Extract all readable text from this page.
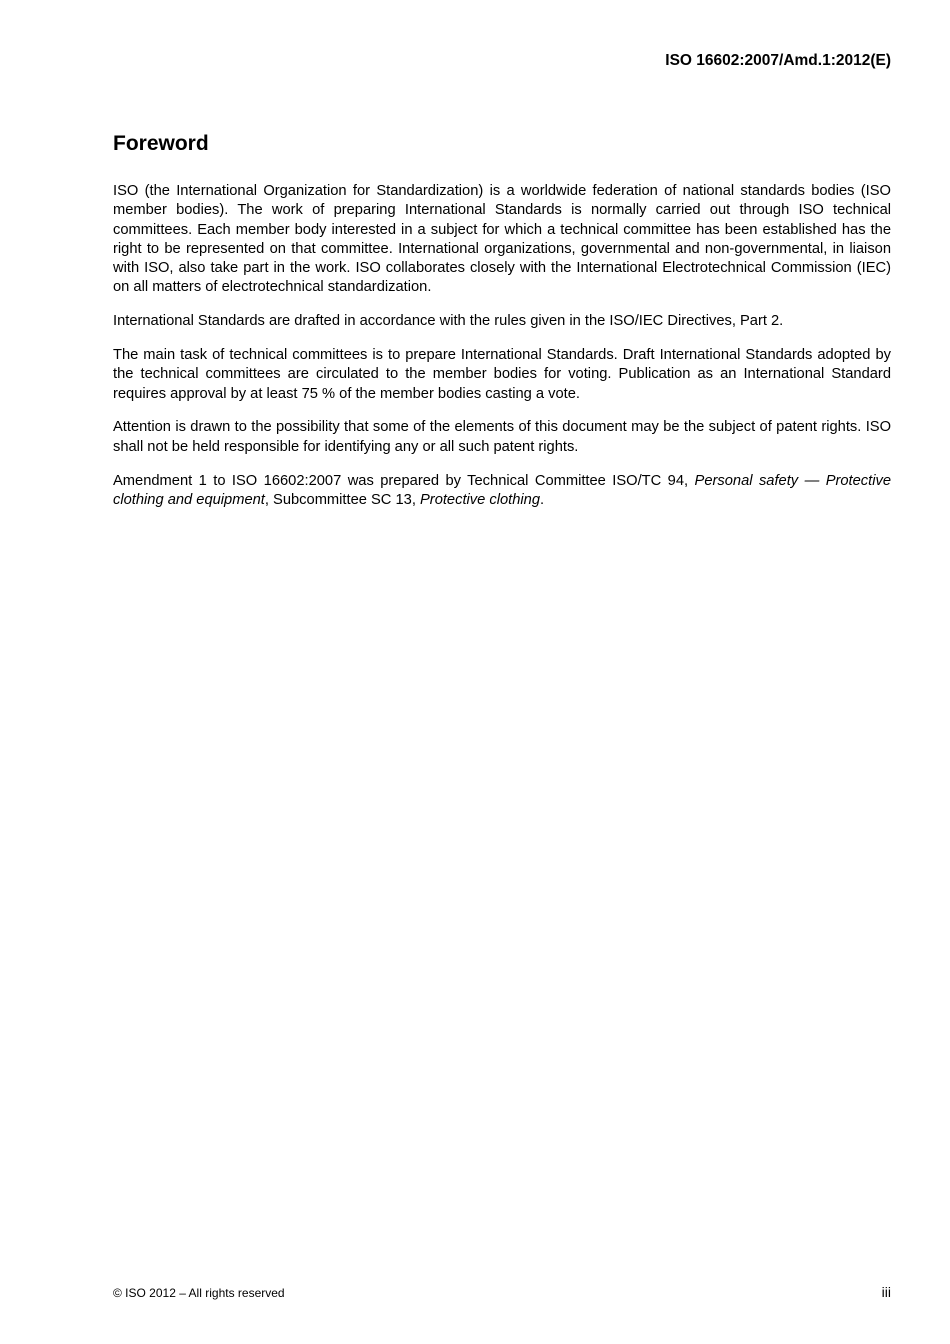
ISO 16602:2007/Amd.1:2012(E)
Foreword

ISO (the International Organization for Standardization) is a worldwide federation of national standards bodies (ISO member bodies). The work of preparing International Standards is normally carried out through ISO technical committees. Each member body interested in a subject for which a technical committee has been established has the right to be represented on that committee. International organizations, governmental and non-governmental, in liaison with ISO, also take part in the work. ISO collaborates closely with the International Electrotechnical Commission (IEC) on all matters of electrotechnical standardization.

International Standards are drafted in accordance with the rules given in the ISO/IEC Directives, Part 2.

The main task of technical committees is to prepare International Standards. Draft International Standards adopted by the technical committees are circulated to the member bodies for voting. Publication as an International Standard requires approval by at least 75 % of the member bodies casting a vote.

Attention is drawn to the possibility that some of the elements of this document may be the subject of patent rights. ISO shall not be held responsible for identifying any or all such patent rights.

Amendment 1 to ISO 16602:2007 was prepared by Technical Committee ISO/TC 94, Personal safety — Protective clothing and equipment, Subcommittee SC 13, Protective clothing.

© ISO 2012 – All rights reserved	iii
